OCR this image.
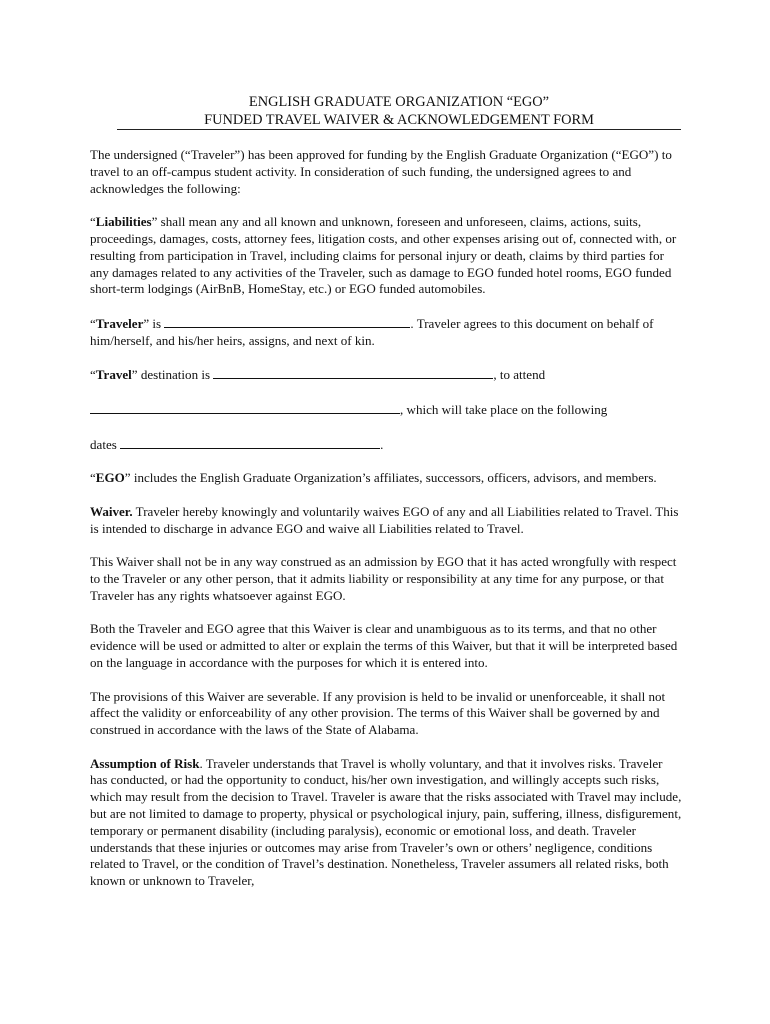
ENGLISH GRADUATE ORGANIZATION “EGO”
FUNDED TRAVEL WAIVER & ACKNOWLEDGEMENT FORM

The undersigned (“Traveler”) has been approved for funding by the English Graduate Organization (“EGO”) to travel to an off-campus student activity. In consideration of such funding, the undersigned agrees to and acknowledges the following:

“Liabilities” shall mean any and all known and unknown, foreseen and unforeseen, claims, actions, suits, proceedings, damages, costs, attorney fees, litigation costs, and other expenses arising out of, connected with, or resulting from participation in Travel, including claims for personal injury or death, claims by third parties for any damages related to any activities of the Traveler, such as damage to EGO funded hotel rooms, EGO funded short-term lodgings (AirBnB, HomeStay, etc.) or EGO funded automobiles.

“Traveler” is	. Traveler agrees to this document on behalf of him/herself, and his/her heirs, assigns, and next of kin.

“Travel” destination is	, to attend

, which will take place on the following

dates	.

“EGO” includes the English Graduate Organization’s affiliates, successors, officers, advisors, and members.

Waiver. Traveler hereby knowingly and voluntarily waives EGO of any and all Liabilities related to Travel. This is intended to discharge in advance EGO and waive all Liabilities related to Travel.

This Waiver shall not be in any way construed as an admission by EGO that it has acted wrongfully with respect to the Traveler or any other person, that it admits liability or responsibility at any time for any purpose, or that Traveler has any rights whatsoever against EGO.

Both the Traveler and EGO agree that this Waiver is clear and unambiguous as to its terms, and that no other evidence will be used or admitted to alter or explain the terms of this Waiver, but that it will be interpreted based on the language in accordance with the purposes for which it is entered into.

The provisions of this Waiver are severable. If any provision is held to be invalid or unenforceable, it shall not affect the validity or enforceability of any other provision. The terms of this Waiver shall be governed by and construed in accordance with the laws of the State of Alabama.

Assumption of Risk. Traveler understands that Travel is wholly voluntary, and that it involves risks. Traveler has conducted, or had the opportunity to conduct, his/her own investigation, and willingly accepts such risks, which may result from the decision to Travel. Traveler is aware that the risks associated with Travel may include, but are not limited to damage to property, physical or psychological injury, pain, suffering, illness, disfigurement, temporary or permanent disability (including paralysis), economic or emotional loss, and death. Traveler understands that these injuries or outcomes may arise from Traveler’s own or others’ negligence, conditions related to Travel, or the condition of Travel’s destination. Nonetheless, Traveler assumers all related risks, both known or unknown to Traveler,
